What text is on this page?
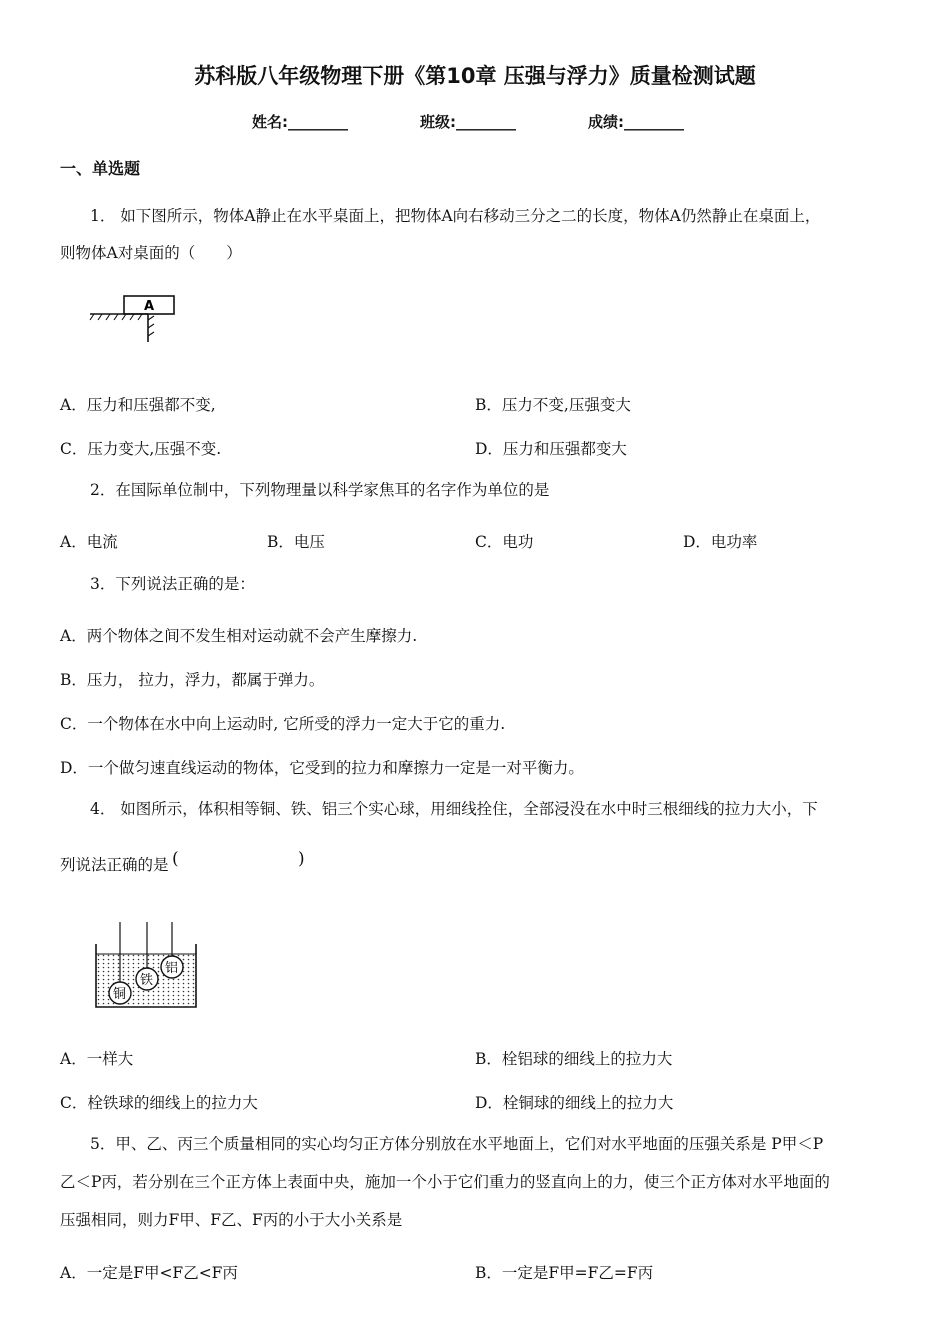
苏科版八年级物理下册《第10章 压强与浮力》质量检测试题
姓名:________	班级:________	成绩:________
一、单选题
1． 如下图所示，物体A静止在水平桌面上，把物体A向右移动三分之二的长度，物体A仍然静止在桌面上，
则物体A对桌面的（　　）
A
A．压力和压强都不变,	B．压力不变,压强变大
C．压力变大,压强不变.	D．压力和压强都变大
2．在国际单位制中，下列物理量以科学家焦耳的名字作为单位的是
A．电流	B．电压	C．电功	D．电功率
3．下列说法正确的是：
A．两个物体之间不发生相对运动就不会产生摩擦力.
B．压力， 拉力，浮力，都属于弹力。
C．一个物体在水中向上运动时, 它所受的浮力一定大于它的重力.
D．一个做匀速直线运动的物体，它受到的拉力和摩擦力一定是一对平衡力。
4． 如图所示，体积相等铜、铁、铝三个实心球，用细线拴住，全部浸没在水中时三根细线的拉力大小，下
列说法正确的是 (	)
铜
铁
铝
A．一样大	B．栓铝球的细线上的拉力大
C．栓铁球的细线上的拉力大	D．栓铜球的细线上的拉力大
5．甲、乙、丙三个质量相同的实心均匀正方体分别放在水平地面上，它们对水平地面的压强关系是 P甲＜P
乙＜P丙，若分别在三个正方体上表面中央，施加一个小于它们重力的竖直向上的力，使三个正方体对水平地面的
压强相同，则力F甲、F乙、F丙的小于大小关系是
A．一定是F甲<F乙<F丙	B．一定是F甲=F乙=F丙
